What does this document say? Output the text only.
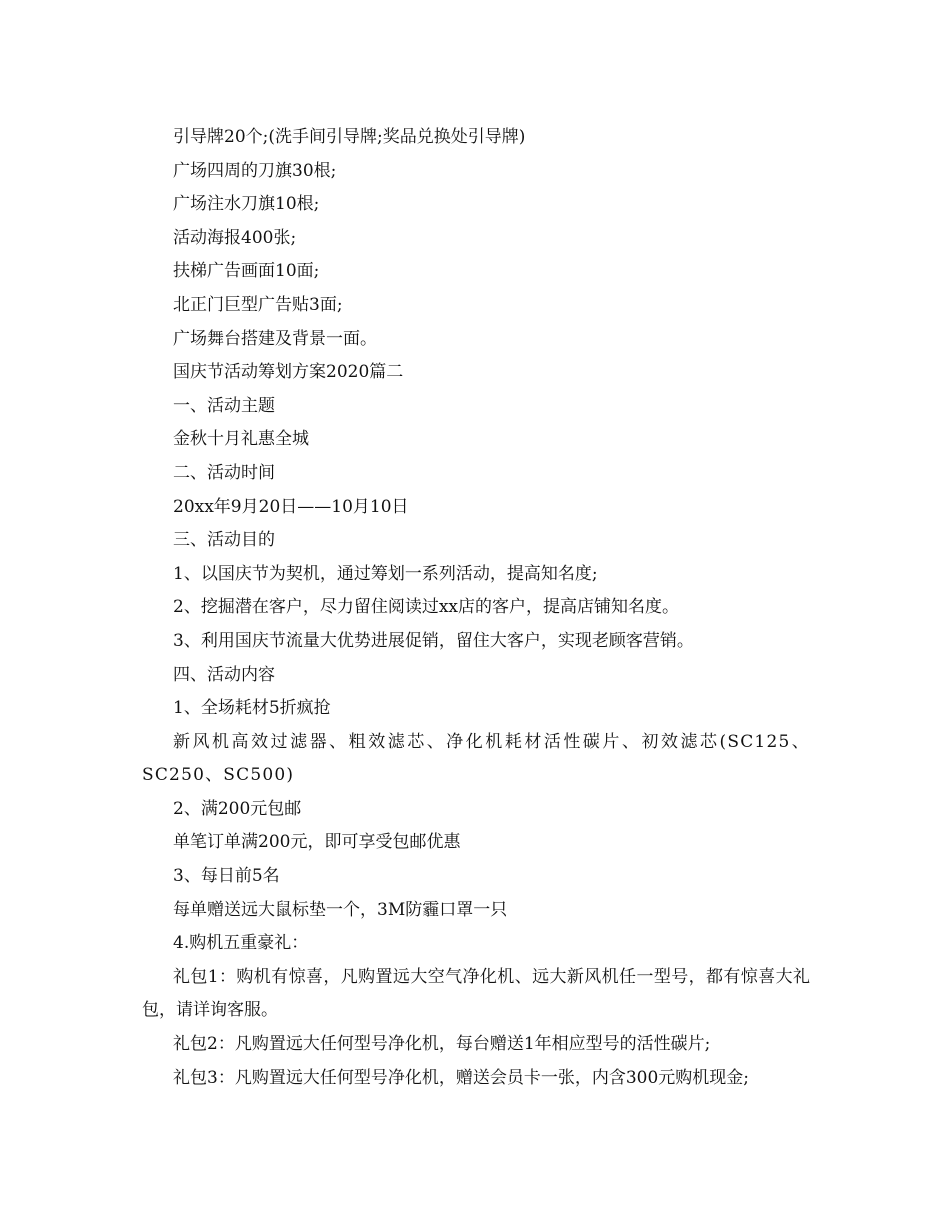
引导牌20个;(洗手间引导牌;奖品兑换处引导牌)
广场四周的刀旗30根;
广场注水刀旗10根;
活动海报400张;
扶梯广告画面10面;
北正门巨型广告贴3面;
广场舞台搭建及背景一面。
国庆节活动筹划方案2020篇二
一、活动主题
金秋十月礼惠全城
二、活动时间
20xx年9月20日——10月10日
三、活动目的
1、以国庆节为契机，通过筹划一系列活动，提高知名度;
2、挖掘潜在客户，尽力留住阅读过xx店的客户，提高店铺知名度。
3、利用国庆节流量大优势进展促销，留住大客户，实现老顾客营销。
四、活动内容
1、全场耗材5折疯抢
新风机高效过滤器、粗效滤芯、净化机耗材活性碳片、初效滤芯(SC125、SC250、SC500)
2、满200元包邮
单笔订单满200元，即可享受包邮优惠
3、每日前5名
每单赠送远大鼠标垫一个，3M防霾口罩一只
4.购机五重豪礼：
礼包1：购机有惊喜，凡购置远大空气净化机、远大新风机任一型号，都有惊喜大礼包，请详询客服。
礼包2：凡购置远大任何型号净化机，每台赠送1年相应型号的活性碳片;
礼包3：凡购置远大任何型号净化机，赠送会员卡一张，内含300元购机现金;
